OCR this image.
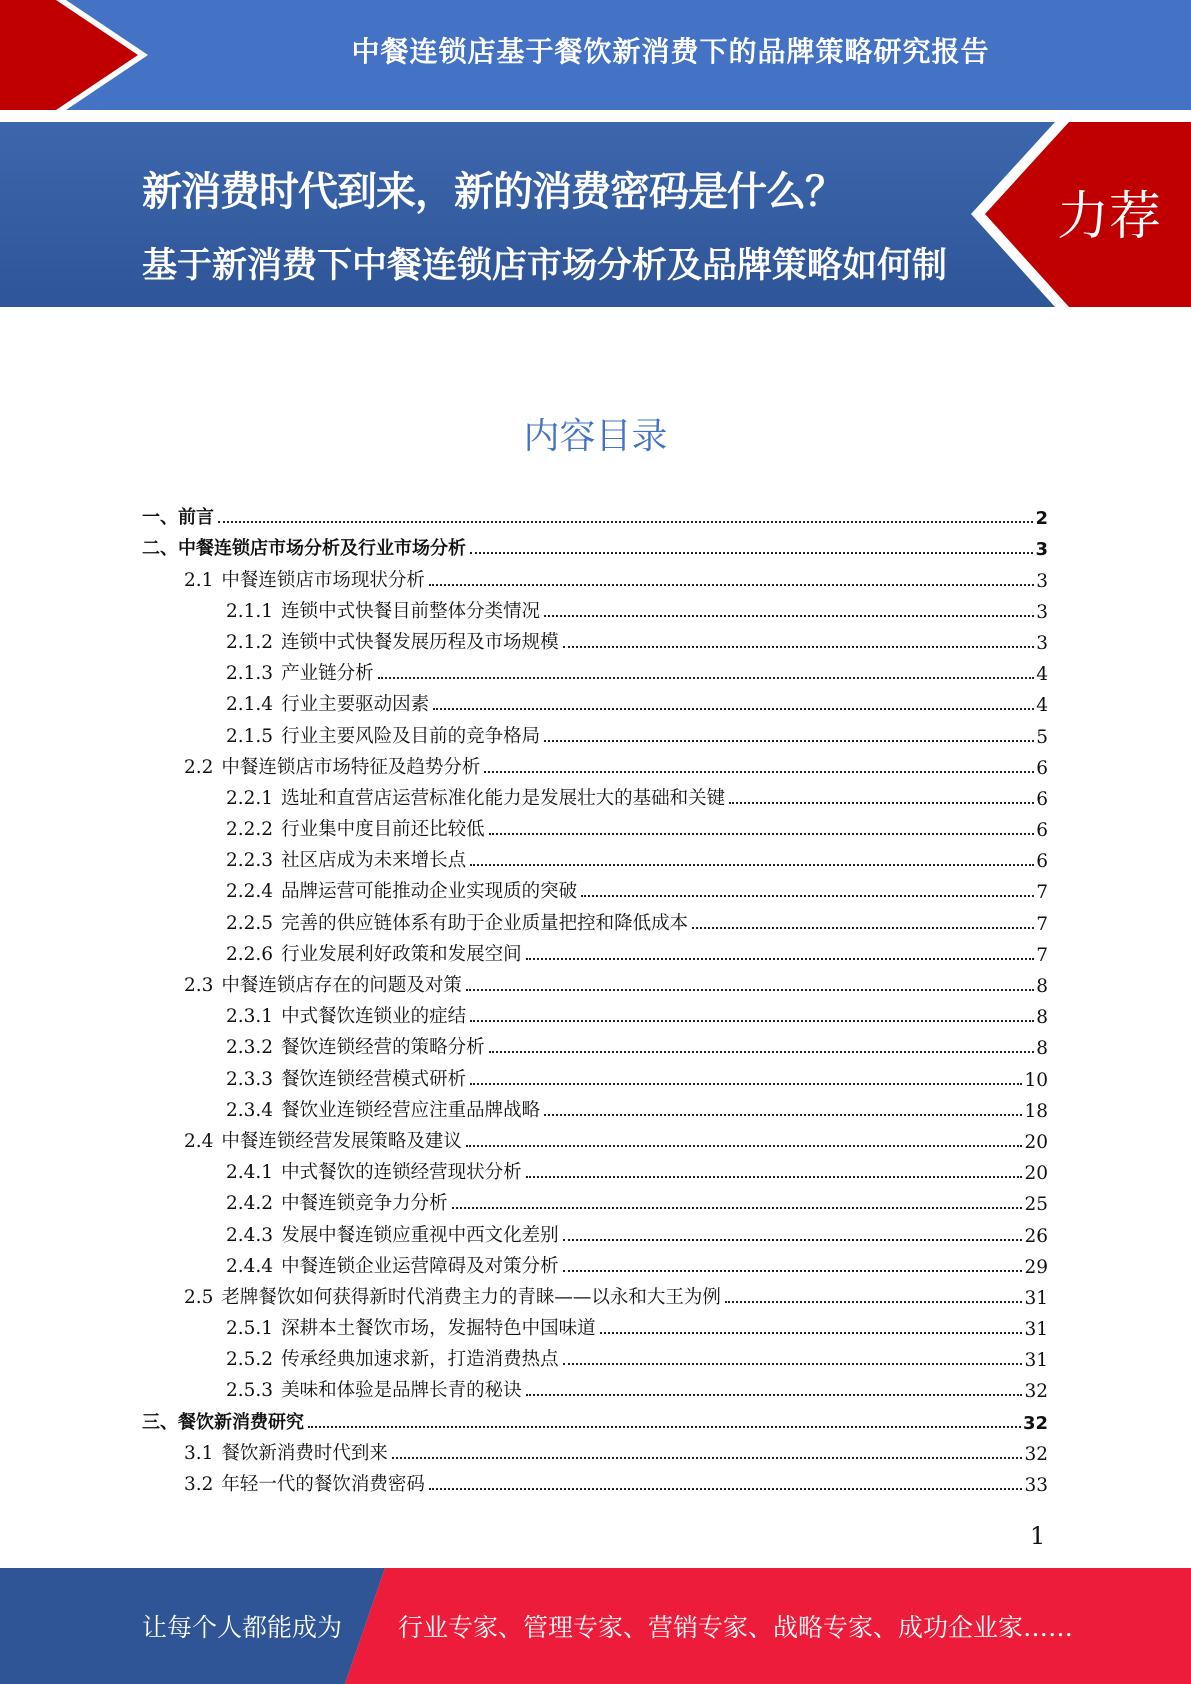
中餐连锁店基于餐饮新消费下的品牌策略研究报告
新消费时代到来，新的消费密码是什么？
基于新消费下中餐连锁店市场分析及品牌策略如何制定？？？
力荐
内容目录
一、前言	2
二、中餐连锁店市场分析及行业市场分析	3
2.1 中餐连锁店市场现状分析	3
2.1.1 连锁中式快餐目前整体分类情况	3
2.1.2 连锁中式快餐发展历程及市场规模	3
2.1.3 产业链分析	4
2.1.4 行业主要驱动因素	4
2.1.5 行业主要风险及目前的竞争格局	5
2.2 中餐连锁店市场特征及趋势分析	6
2.2.1 选址和直营店运营标准化能力是发展壮大的基础和关键	6
2.2.2 行业集中度目前还比较低	6
2.2.3 社区店成为未来增长点	6
2.2.4 品牌运营可能推动企业实现质的突破	7
2.2.5 完善的供应链体系有助于企业质量把控和降低成本	7
2.2.6 行业发展利好政策和发展空间	7
2.3 中餐连锁店存在的问题及对策	8
2.3.1 中式餐饮连锁业的症结	8
2.3.2 餐饮连锁经营的策略分析	8
2.3.3 餐饮连锁经营模式研析	10
2.3.4 餐饮业连锁经营应注重品牌战略	18
2.4 中餐连锁经营发展策略及建议	20
2.4.1 中式餐饮的连锁经营现状分析	20
2.4.2 中餐连锁竞争力分析	25
2.4.3 发展中餐连锁应重视中西文化差别	26
2.4.4 中餐连锁企业运营障碍及对策分析	29
2.5 老牌餐饮如何获得新时代消费主力的青睐——以永和大王为例	31
2.5.1 深耕本土餐饮市场，发掘特色中国味道	31
2.5.2 传承经典加速求新，打造消费热点	31
2.5.3 美味和体验是品牌长青的秘诀	32
三、餐饮新消费研究	32
3.1 餐饮新消费时代到来	32
3.2 年轻一代的餐饮消费密码	33
1
让每个人都能成为 行业专家、管理专家、营销专家、战略专家、成功企业家……
